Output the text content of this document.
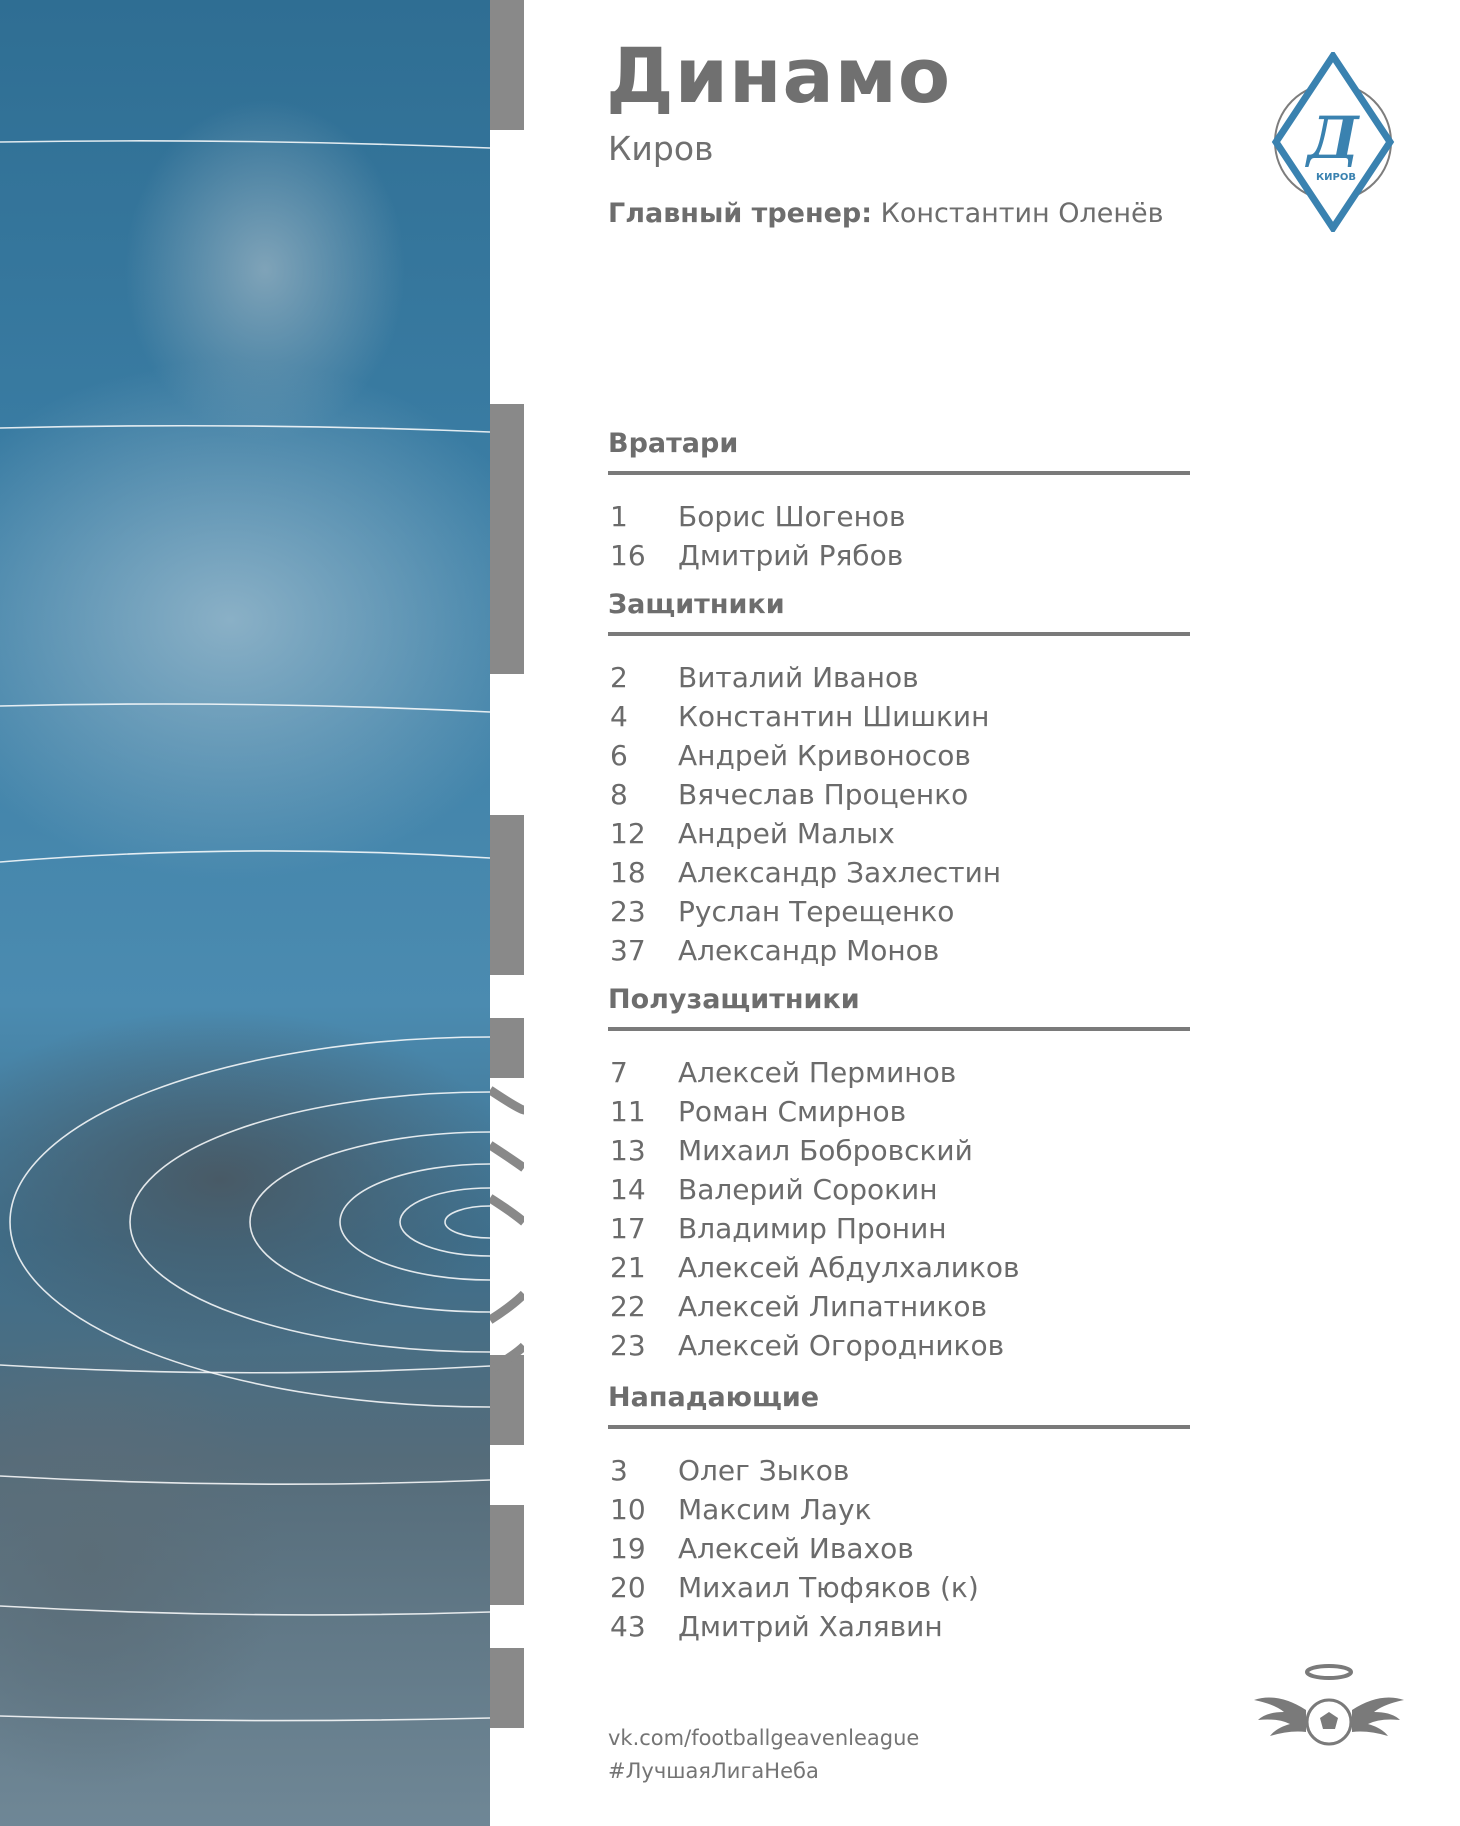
Динамо
Киров
Главный тренер: Константин Оленёв
Д
КИРОВ
Вратари
1 Борис Шогенов
16 Дмитрий Рябов
Защитники
2 Виталий Иванов
4 Константин Шишкин
6 Андрей Кривоносов
8 Вячеслав Проценко
12 Андрей Малых
18 Александр Захлестин
23 Руслан Терещенко
37 Александр Монов
Полузащитники
7 Алексей Перминов
11 Роман Смирнов
13 Михаил Бобровский
14 Валерий Сорокин
17 Владимир Пронин
21 Алексей Абдулхаликов
22 Алексей Липатников
23 Алексей Огородников
Нападающие
3 Олег Зыков
10 Максим Лаук
19 Алексей Ивахов
20 Михаил Тюфяков (к)
43 Дмитрий Халявин
vk.com/footballgeavenleague
#ЛучшаяЛигаНеба
